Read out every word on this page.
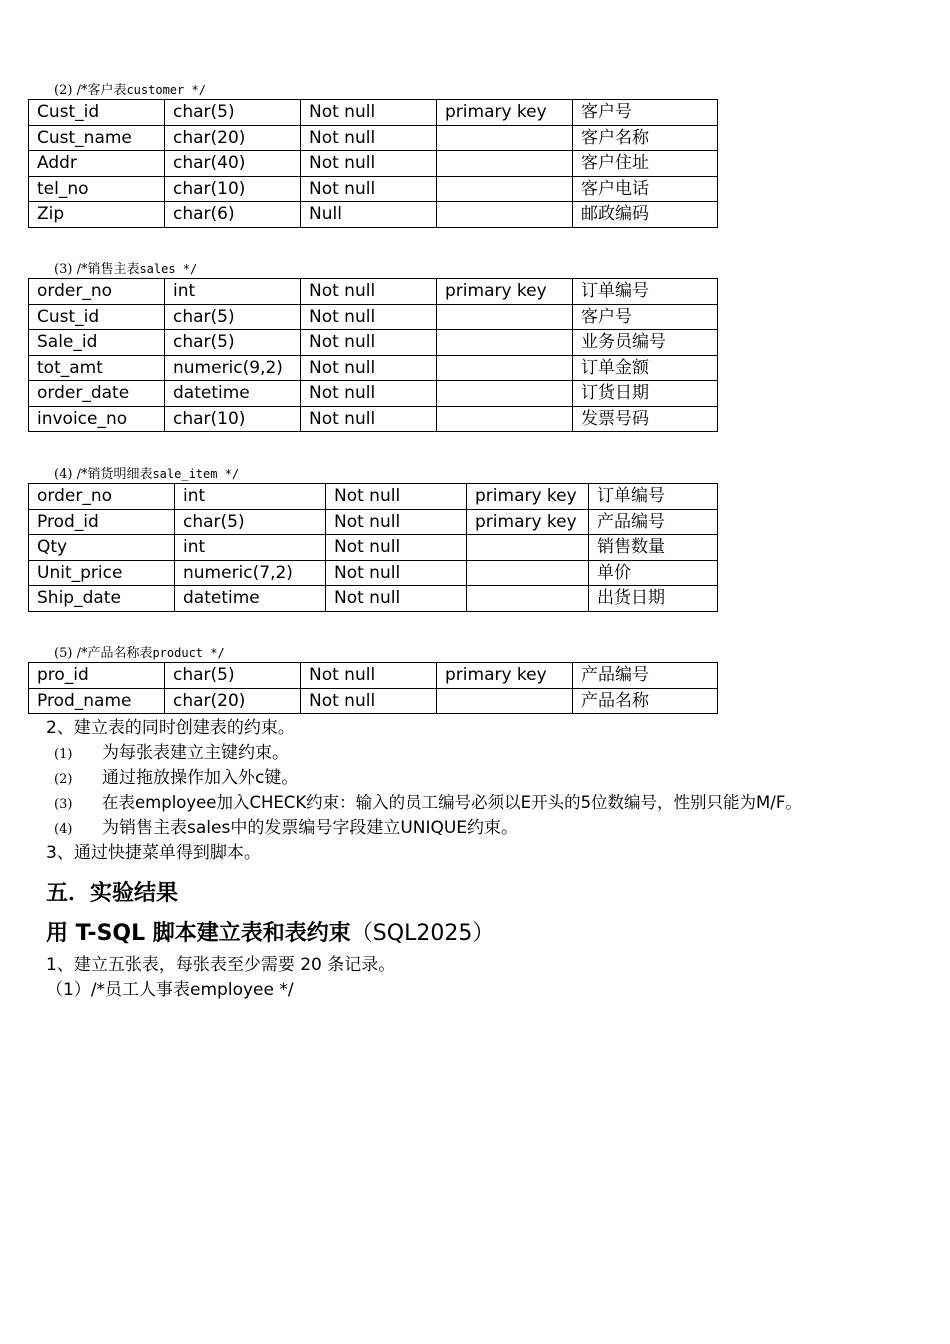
(2) /*客户表customer */
Cust_id	char(5)	Not null	primary key	客户号
Cust_name	char(20)	Not null		客户名称
Addr	char(40)	Not null		客户住址
tel_no	char(10)	Not null		客户电话
Zip	char(6)	Null		邮政编码
(3) /*销售主表sales */
order_no	int	Not null	primary key	订单编号
Cust_id	char(5)	Not null		客户号
Sale_id	char(5)	Not null		业务员编号
tot_amt	numeric(9,2)	Not null		订单金额
order_date	datetime	Not null		订货日期
invoice_no	char(10)	Not null		发票号码
(4) /*销货明细表sale_item */
order_no	int	Not null	primary key	订单编号
Prod_id	char(5)	Not null	primary key	产品编号
Qty	int	Not null		销售数量
Unit_price	numeric(7,2)	Not null		单价
Ship_date	datetime	Not null		出货日期
(5) /*产品名称表product */
pro_id	char(5)	Not null	primary key	产品编号
Prod_name	char(20)	Not null		产品名称
2、建立表的同时创建表的约束。
(1) 为每张表建立主键约束。
(2) 通过拖放操作加入外c键。
(3) 在表employee加入CHECK约束：输入的员工编号必须以E开头的5位数编号，性别只能为M/F。
(4) 为销售主表sales中的发票编号字段建立UNIQUE约束。
3、通过快捷菜单得到脚本。
五．实验结果
用 T-SQL 脚本建立表和表约束（SQL2025）
1、建立五张表，每张表至少需要 20 条记录。
（1）/*员工人事表employee */
